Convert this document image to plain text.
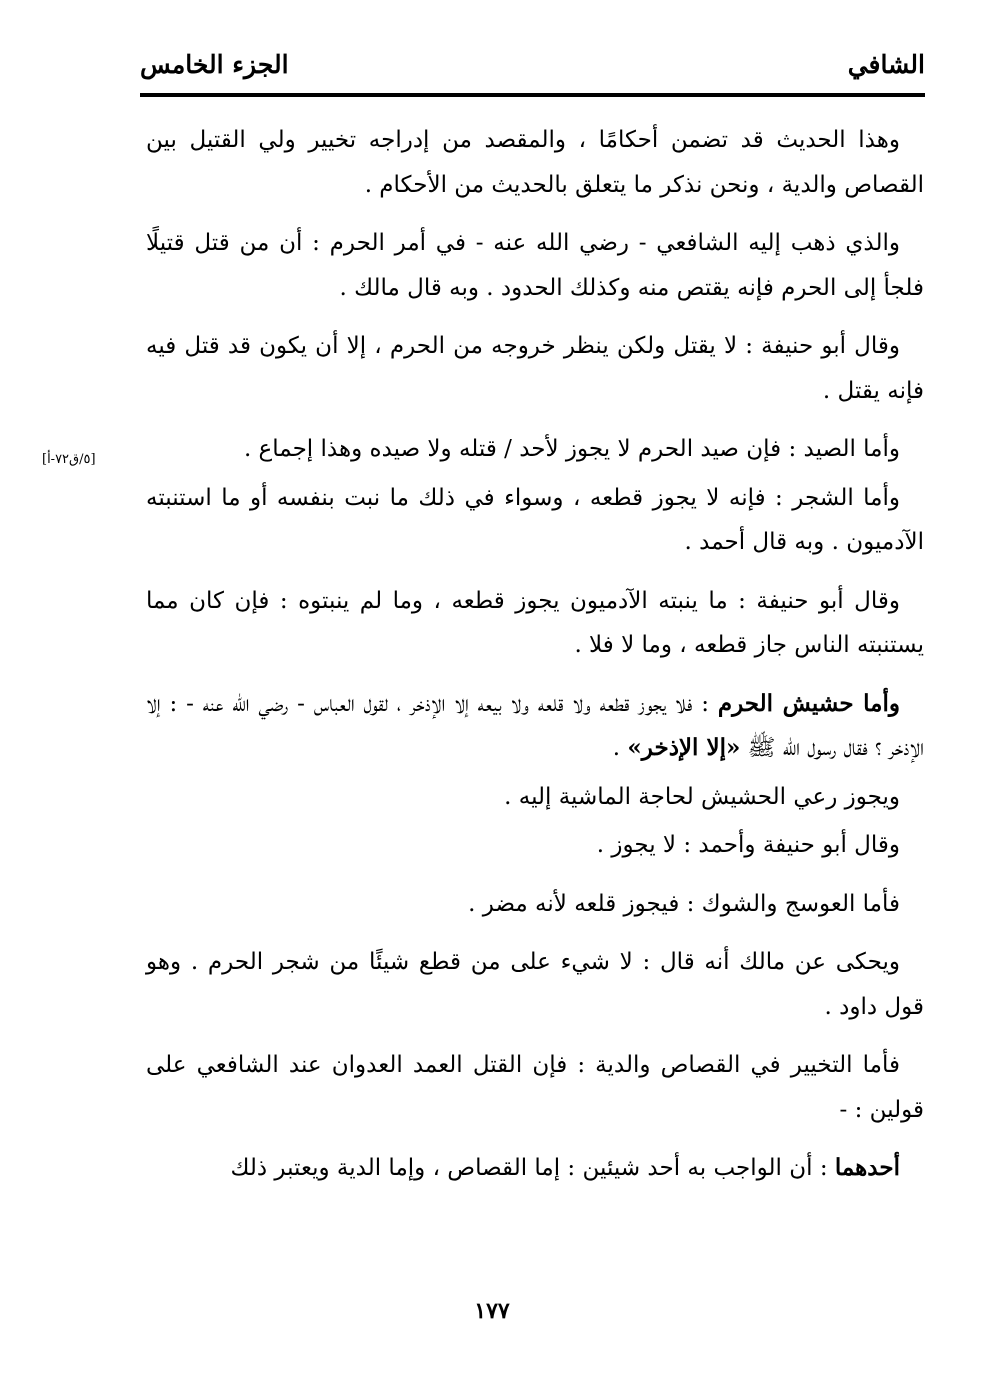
الشافي
الجزء الخامس
[٥/ق٧٢-أ]

وهذا الحديث قد تضمن أحكامًا ، والمقصد من إدراجه تخيير ولي القتيل بين القصاص والدية ، ونحن نذكر ما يتعلق بالحديث من الأحكام .

والذي ذهب إليه الشافعي - رضي الله عنه - في أمر الحرم : أن من قتل قتيلًا فلجأ إلى الحرم فإنه يقتص منه وكذلك الحدود . وبه قال مالك .

وقال أبو حنيفة : لا يقتل ولكن ينظر خروجه من الحرم ، إلا أن يكون قد قتل فيه فإنه يقتل .

وأما الصيد : فإن صيد الحرم لا يجوز لأحد / قتله ولا صيده وهذا إجماع .

وأما الشجر : فإنه لا يجوز قطعه ، وسواء في ذلك ما نبت بنفسه أو ما استنبته الآدميون . وبه قال أحمد .

وقال أبو حنيفة : ما ينبته الآدميون يجوز قطعه ، وما لم ينبتوه : فإن كان مما يستنبته الناس جاز قطعه ، وما لا فلا .

وأما حشيش الحرم : فلا يجوز قطعه ولا قلعه ولا بيعه إلا الإذخر ، لقول العباس - رضي الله عنه - : إلا الإذخر ؟ فقال رسول الله ﷺ «إلا الإذخر» .

ويجوز رعي الحشيش لحاجة الماشية إليه .

وقال أبو حنيفة وأحمد : لا يجوز .

فأما العوسج والشوك : فيجوز قلعه لأنه مضر .

ويحكى عن مالك أنه قال : لا شيء على من قطع شيئًا من شجر الحرم . وهو قول داود .

فأما التخيير في القصاص والدية : فإن القتل العمد العدوان عند الشافعي على قولين : -

أحدهما : أن الواجب به أحد شيئين : إما القصاص ، وإما الدية ويعتبر ذلك

١٧٧
